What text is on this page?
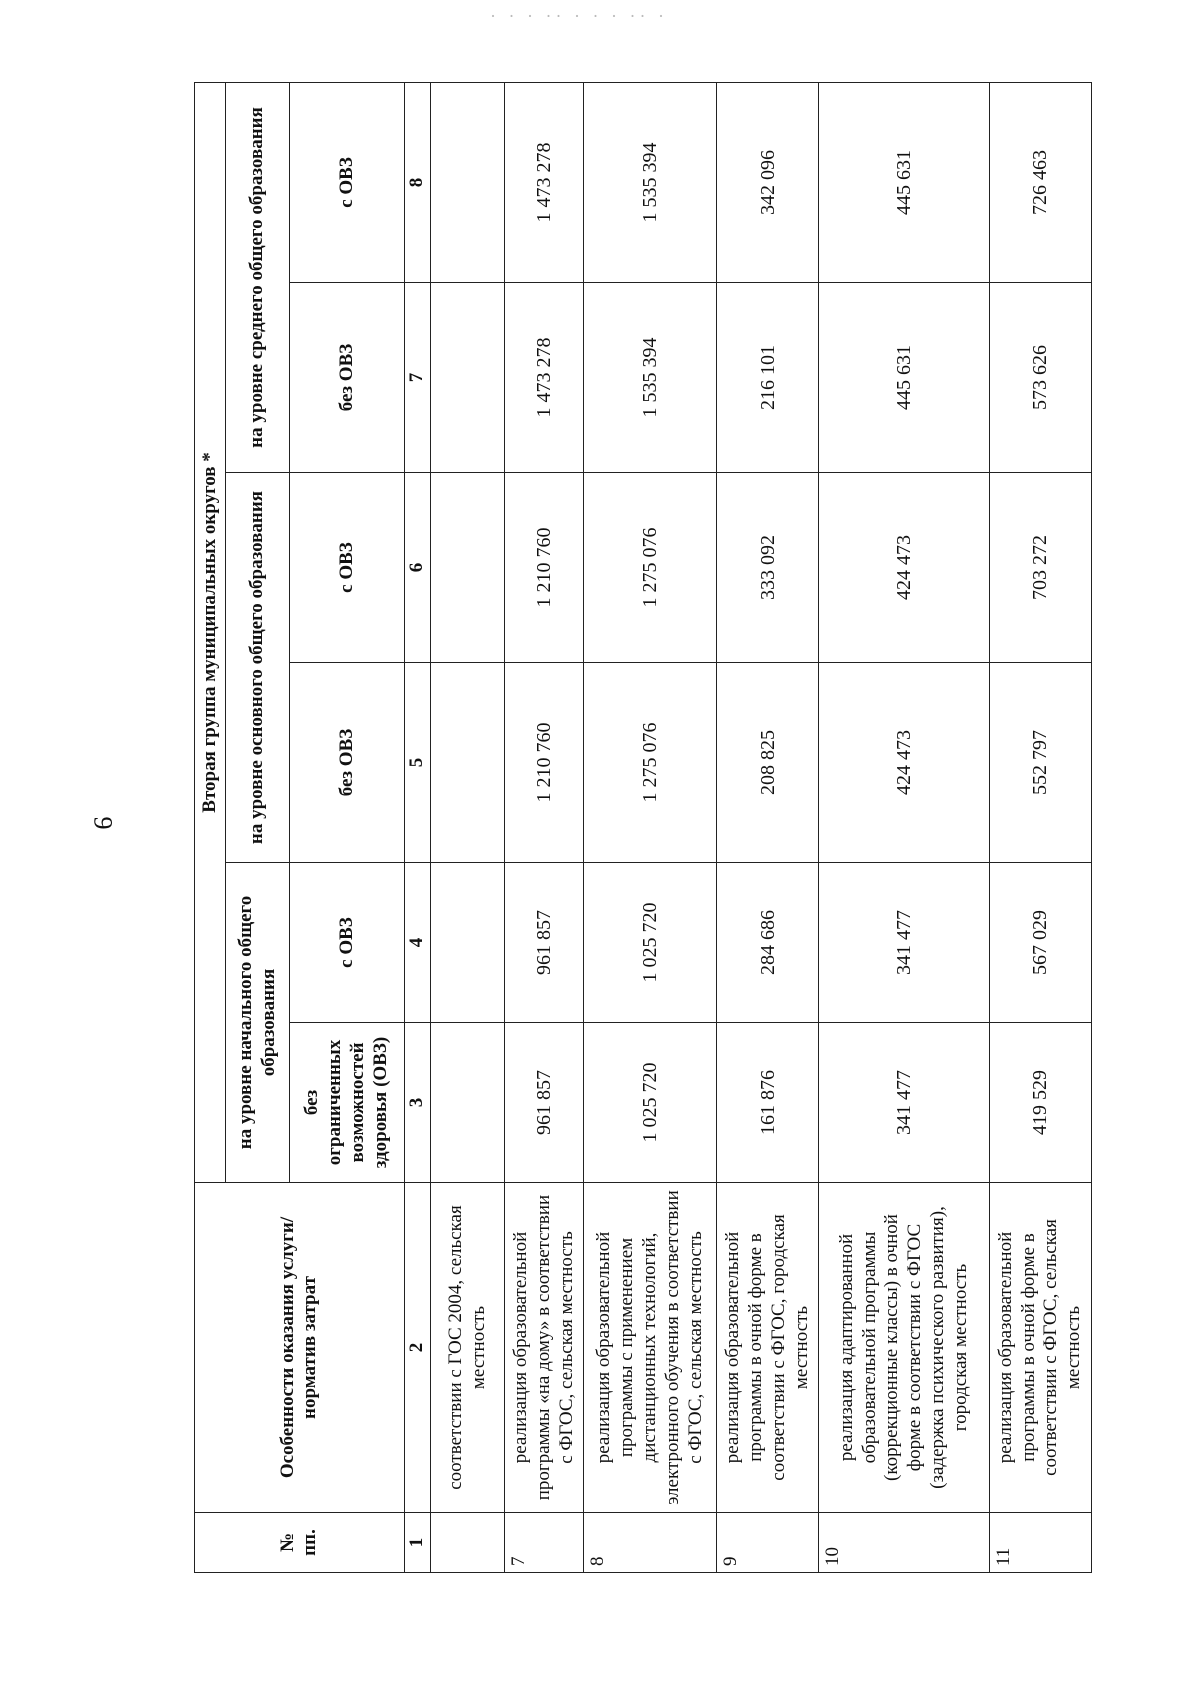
· · · ·· · · · ·· ·
9
№ пп.	Особенности оказания услуги/норматив затрат	Вторая группа муниципальных округов *					
		на уровне начального общего образования		на уровне основного общего образования		на уровне среднего общего образования	
		без ограниченных возможностей здоровья (ОВЗ)	с ОВЗ	без ОВЗ	с ОВЗ	без ОВЗ	с ОВЗ
1	2	3	4	5	6	7	8
	соответствии с ГОС 2004, сельская местность						
7	реализация образовательной программы «на дому» в соответствии с ФГОС, сельская местность	961 857	961 857	1 210 760	1 210 760	1 473 278	1 473 278
8	реализация образовательной программы с применением дистанционных технологий, электронного обучения в соответствии с ФГОС, сельская местность	1 025 720	1 025 720	1 275 076	1 275 076	1 535 394	1 535 394
9	реализация образовательной программы в очной форме в соответствии с ФГОС, городская местность	161 876	284 686	208 825	333 092	216 101	342 096
10	реализация адаптированной образовательной программы (коррекционные классы) в очной форме в соответствии с ФГОС (задержка психического развития), городская местность	341 477	341 477	424 473	424 473	445 631	445 631
11	реализация образовательной программы в очной форме в соответствии с ФГОС, сельская местность	419 529	567 029	552 797	703 272	573 626	726 463
